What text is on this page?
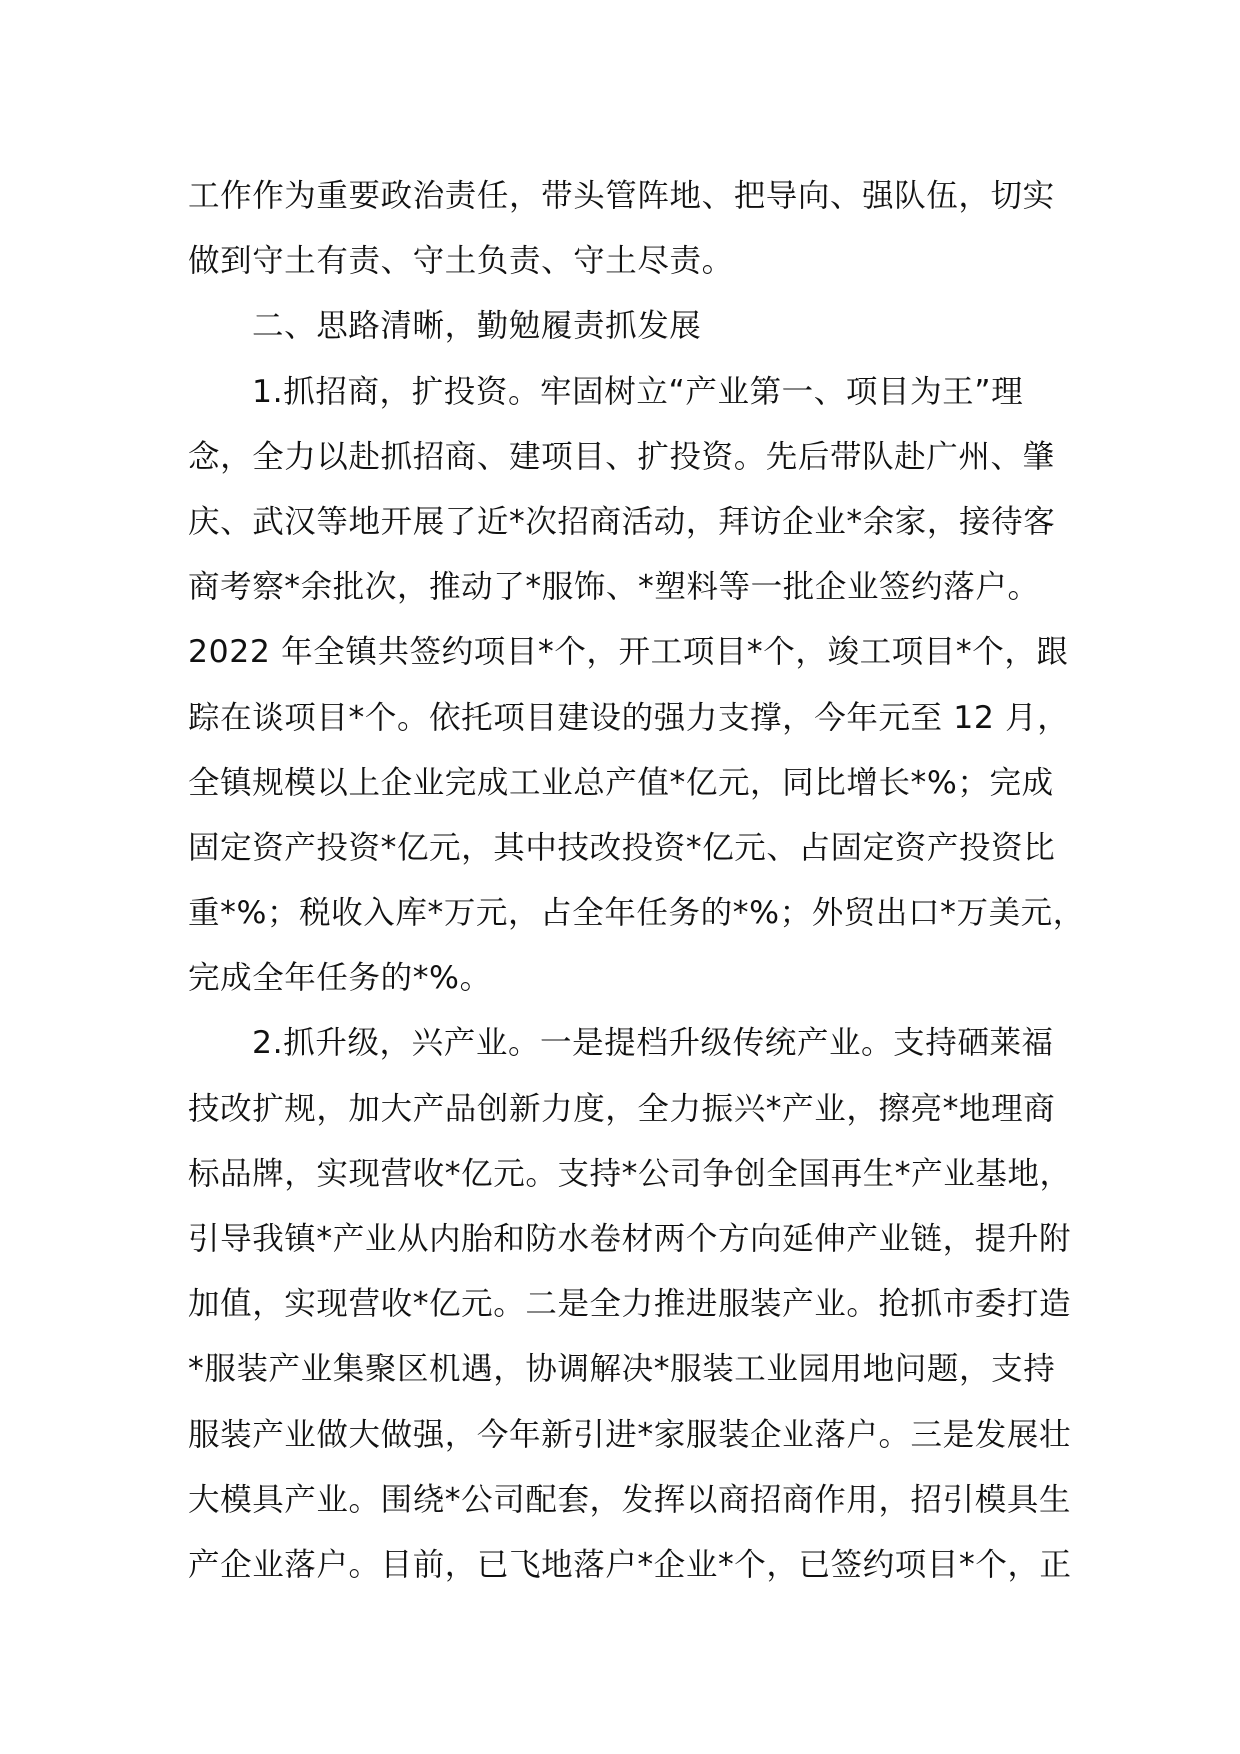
工作作为重要政治责任，带头管阵地、把导向、强队伍，切实
做到守土有责、守土负责、守土尽责。
二、思路清晰，勤勉履责抓发展
1.抓招商，扩投资。牢固树立“产业第一、项目为王”理
念，全力以赴抓招商、建项目、扩投资。先后带队赴广州、肇
庆、武汉等地开展了近*次招商活动，拜访企业*余家，接待客
商考察*余批次，推动了*服饰、*塑料等一批企业签约落户。
2022 年全镇共签约项目*个，开工项目*个，竣工项目*个，跟
踪在谈项目*个。依托项目建设的强力支撑，今年元至 12 月，
全镇规模以上企业完成工业总产值*亿元，同比增长*%；完成
固定资产投资*亿元，其中技改投资*亿元、占固定资产投资比
重*%；税收入库*万元，占全年任务的*%；外贸出口*万美元，
完成全年任务的*%。
2.抓升级，兴产业。一是提档升级传统产业。支持硒莱福
技改扩规，加大产品创新力度，全力振兴*产业，擦亮*地理商
标品牌，实现营收*亿元。支持*公司争创全国再生*产业基地，
引导我镇*产业从内胎和防水卷材两个方向延伸产业链，提升附
加值，实现营收*亿元。二是全力推进服装产业。抢抓市委打造
*服装产业集聚区机遇，协调解决*服装工业园用地问题，支持
服装产业做大做强，今年新引进*家服装企业落户。三是发展壮
大模具产业。围绕*公司配套，发挥以商招商作用，招引模具生
产企业落户。目前，已飞地落户*企业*个，已签约项目*个，正
